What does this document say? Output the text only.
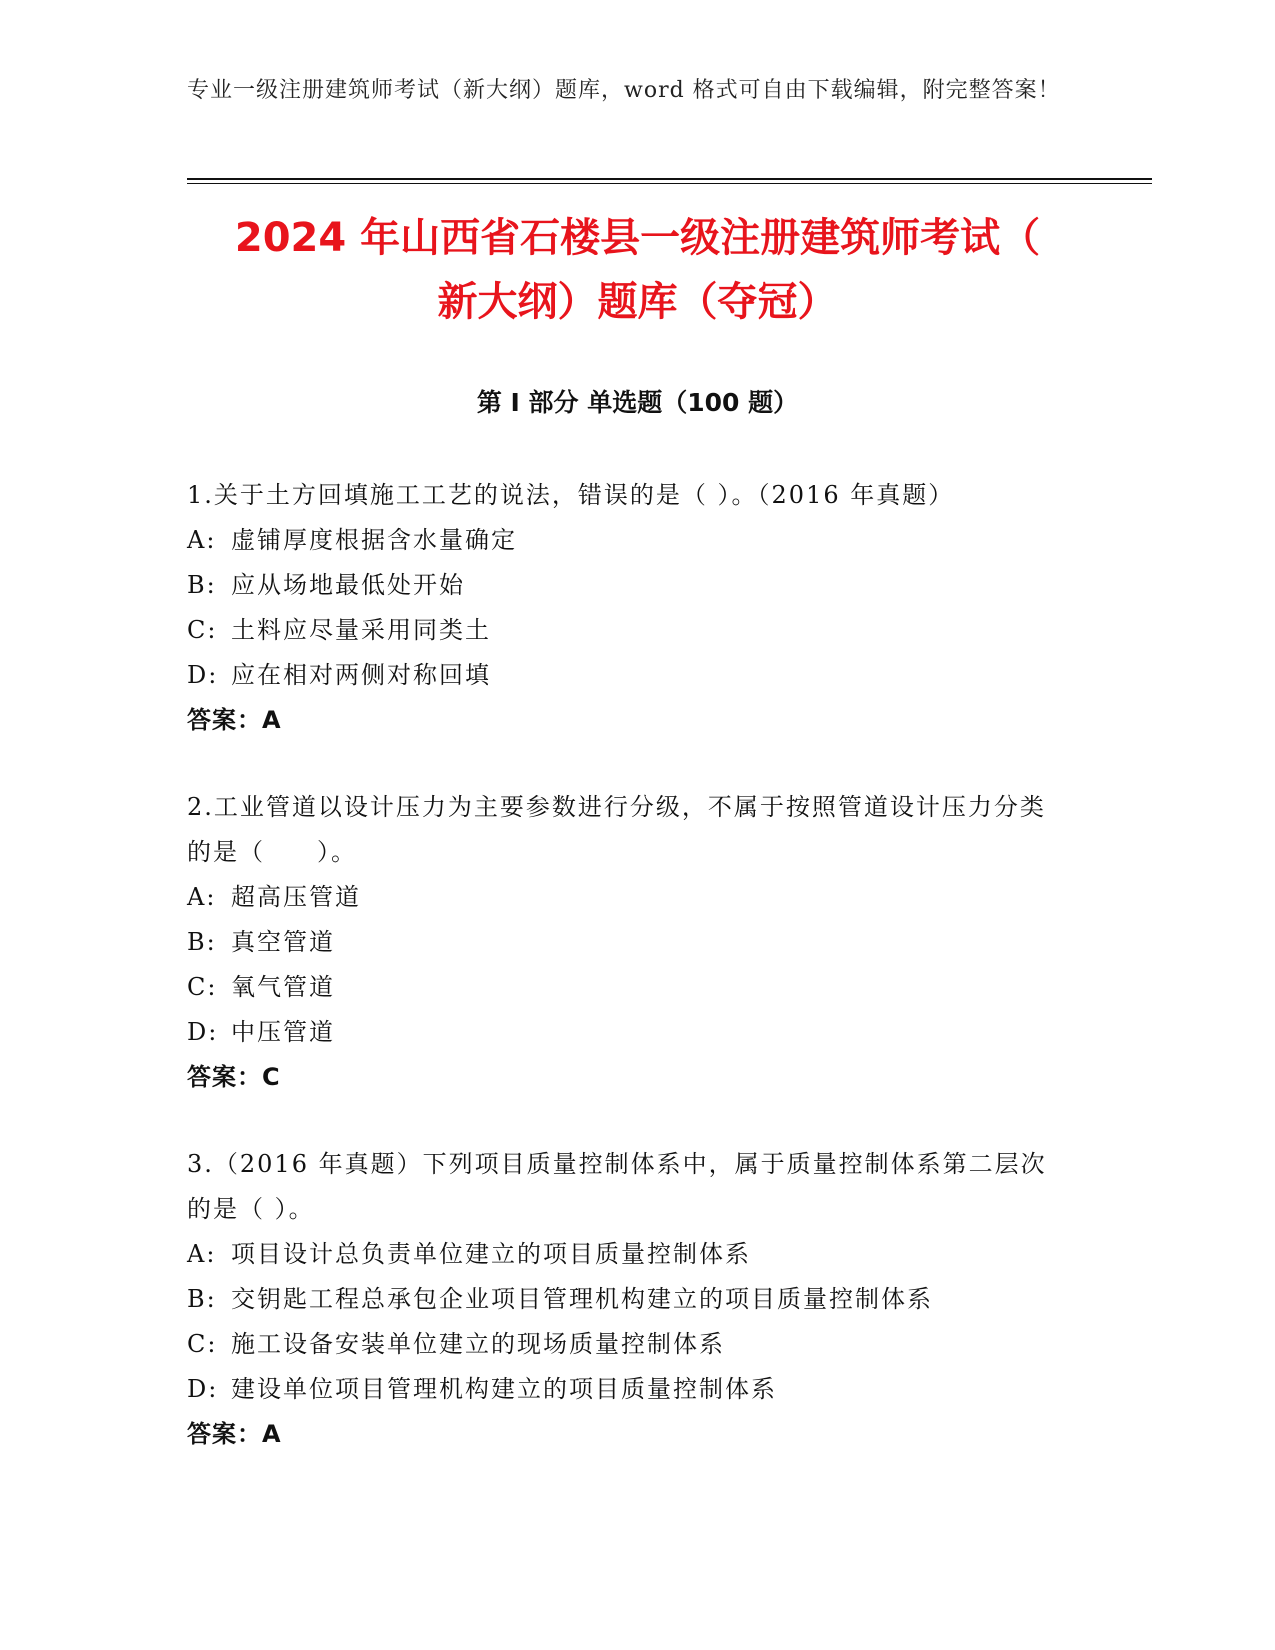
专业一级注册建筑师考试（新大纲）题库，word 格式可自由下载编辑，附完整答案！
2024 年山西省石楼县一级注册建筑师考试（
新大纲）题库（夺冠）
第 I 部分 单选题（100 题）
1.关于土方回填施工工艺的说法，错误的是（ ）。（2016 年真题）
A: 虚铺厚度根据含水量确定
B: 应从场地最低处开始
C: 土料应尽量采用同类土
D: 应在相对两侧对称回填
答案：A
2.工业管道以设计压力为主要参数进行分级，不属于按照管道设计压力分类的是（　　）。
A: 超高压管道
B: 真空管道
C: 氧气管道
D: 中压管道
答案：C
3.（2016 年真题）下列项目质量控制体系中，属于质量控制体系第二层次的是（ ）。
A: 项目设计总负责单位建立的项目质量控制体系
B: 交钥匙工程总承包企业项目管理机构建立的项目质量控制体系
C: 施工设备安装单位建立的现场质量控制体系
D: 建设单位项目管理机构建立的项目质量控制体系
答案：A
